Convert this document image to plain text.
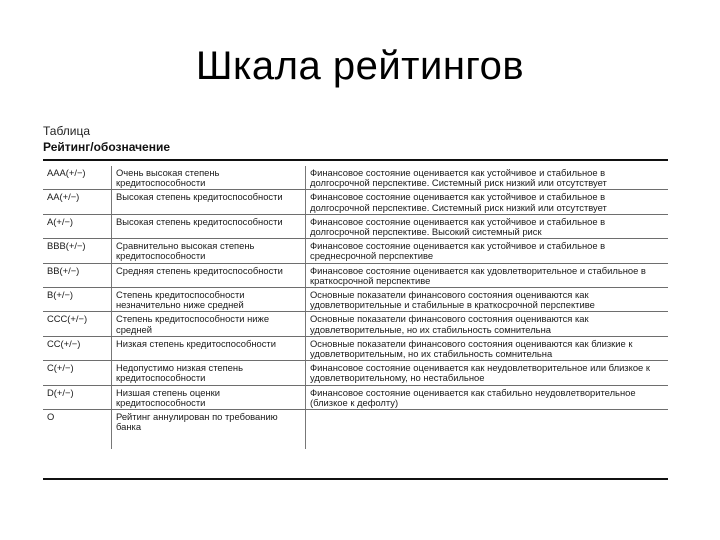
Шкала рейтингов
Таблица
Рейтинг/обозначение
AAA(+/−)	Очень высокая степень кредитоспособности	Финансовое состояние оценивается как устойчивое и стабильное в долгосрочной перспективе. Системный риск низкий или отсутствует
AA(+/−)	Высокая степень кредитоспособности	Финансовое состояние оценивается как устойчивое и стабильное в долгосрочной перспективе. Системный риск низкий или отсутствует
A(+/−)	Высокая степень кредитоспособности	Финансовое состояние оценивается как устойчивое и стабильное в долгосрочной перспективе. Высокий системный риск
BBB(+/−)	Сравнительно высокая степень кредитоспособности	Финансовое состояние оценивается как устойчивое и стабильное в среднесрочной перспективе
BB(+/−)	Средняя степень кредитоспособности	Финансовое состояние оценивается как удовлетворительное и стабильное в краткосрочной перспективе
B(+/−)	Степень кредитоспособности незначительно ниже средней	Основные показатели финансового состояния оцениваются как удовлетворительные и стабильные в краткосрочной перспективе
CCC(+/−)	Степень кредитоспособности ниже средней	Основные показатели финансового состояния оцениваются как удовлетворительные, но их стабильность сомнительна
CC(+/−)	Низкая степень кредитоспособности	Основные показатели финансового состояния оцениваются как близкие к удовлетворительным, но их стабильность сомнительна
C(+/−)	Недопустимо низкая степень кредитоспособности	Финансовое состояние оценивается как неудовлетворительное или близкое к удовлетворительному, но нестабильное
D(+/−)	Низшая степень оценки кредитоспособности	Финансовое состояние оценивается как стабильно неудовлетворительное (близкое к дефолту)
O	Рейтинг аннулирован по требованию банка	
